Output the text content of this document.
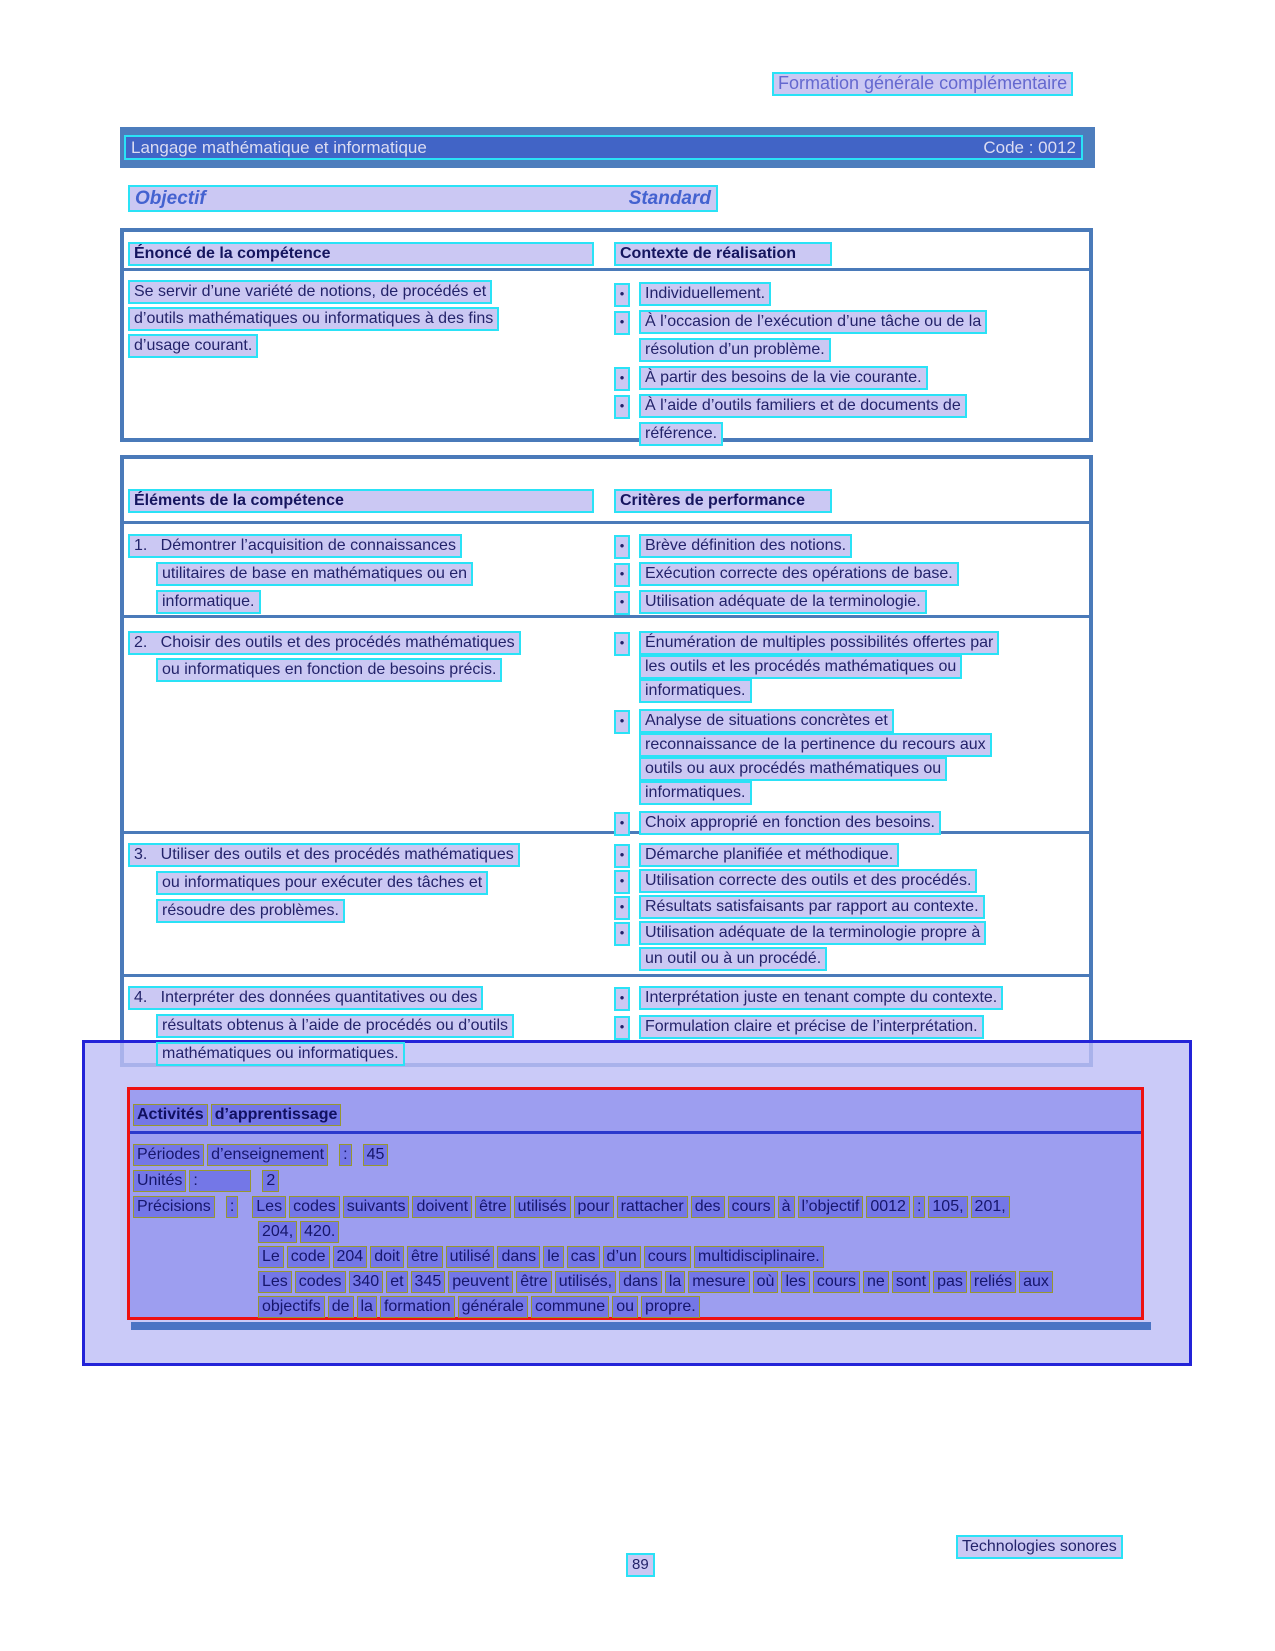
Formation générale complémentaire
Langage mathématique et informatique	Code : 0012
Objectif	Standard
Énoncé de la compétence	Contexte de réalisation
Se servir d’une variété de notions, de procédés et
d’outils mathématiques ou informatiques à des fins
d’usage courant.
•	Individuellement.
•	À l’occasion de l’exécution d’une tâche ou de la
résolution d’un problème.
•	À partir des besoins de la vie courante.
•	À l’aide d’outils familiers et de documents de
référence.
Éléments de la compétence	Critères de performance
1.   Démontrer l’acquisition de connaissances
utilitaires de base en mathématiques ou en
informatique.
•	Brève définition des notions.
•	Exécution correcte des opérations de base.
•	Utilisation adéquate de la terminologie.
2.   Choisir des outils et des procédés mathématiques
ou informatiques en fonction de besoins précis.
•	Énumération de multiples possibilités offertes par
les outils et les procédés mathématiques ou
informatiques.
•	Analyse de situations concrètes et
reconnaissance de la pertinence du recours aux
outils ou aux procédés mathématiques ou
informatiques.
•	Choix approprié en fonction des besoins.
3.   Utiliser des outils et des procédés mathématiques
ou informatiques pour exécuter des tâches et
résoudre des problèmes.
•	Démarche planifiée et méthodique.
•	Utilisation correcte des outils et des procédés.
•	Résultats satisfaisants par rapport au contexte.
•	Utilisation adéquate de la terminologie propre à
un outil ou à un procédé.
4.   Interpréter des données quantitatives ou des
résultats obtenus à l’aide de procédés ou d’outils
mathématiques ou informatiques.
•	Interprétation juste en tenant compte du contexte.
•	Formulation claire et précise de l’interprétation.
Activités d’apprentissage
Périodes d’enseignement : 45
Unités :	2
Précisions : Les codes suivants doivent être utilisés pour rattacher des cours à l’objectif 0012 : 105, 201,
204, 420.
Le code 204 doit être utilisé dans le cas d’un cours multidisciplinaire.
Les codes 340 et 345 peuvent être utilisés, dans la mesure où les cours ne sont pas reliés aux
objectifs de la formation générale commune ou propre.
Technologies sonores
89
